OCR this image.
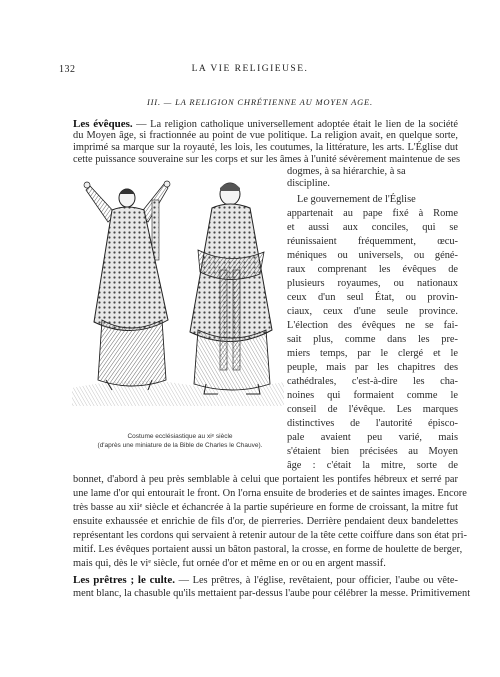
132	LA VIE RELIGIEUSE.
III. — LA RELIGION CHRÉTIENNE AU MOYEN AGE.
Les évêques. — La religion catholique universellement adoptée était le lien de la société
du Moyen âge, si fractionnée au point de vue politique. La religion avait, en quelque sorte,
imprimé sa marque sur la royauté, les lois, les coutumes, la littérature, les arts. L'Église dut
cette puissance souveraine sur les corps et sur les âmes à l'unité sévèrement maintenue de ses
dogmes, à sa hiérarchie, à sa
discipline.
Le gouvernement de l'Église
appartenait au pape fixé à Rome
et aussi aux conciles, qui se
réunissaient fréquemment, œcu-
méniques ou universels, ou géné-
raux comprenant les évêques de
plusieurs royaumes, ou nationaux
ceux d'un seul État, ou provin-
ciaux, ceux d'une seule province.
L'élection des évêques ne se fai-
sait plus, comme dans les pre-
miers temps, par le clergé et le
peuple, mais par les chapitres des
cathédrales, c'est-à-dire les cha-
noines qui formaient comme le
conseil de l'évêque. Les marques
distinctives de l'autorité épisco-
pale avaient peu varié, mais
s'étaient bien précisées au Moyen
âge : c'était la mitre, sorte de
bonnet, d'abord à peu près semblable à celui que portaient les pontifes hébreux et serré par
une lame d'or qui entourait le front. On l'orna ensuite de broderies et de saintes images. Encore
très basse au xiiᵉ siècle et échancrée à la partie supérieure en forme de croissant, la mitre fut
ensuite exhaussée et enrichie de fils d'or, de pierreries. Derrière pendaient deux bandelettes
représentant les cordons qui servaient à retenir autour de la tête cette coiffure dans son état pri-
mitif. Les évêques portaient aussi un bâton pastoral, la crosse, en forme de houlette de berger,
mais qui, dès le viᵉ siècle, fut ornée d'or et même en or ou en argent massif.
Les prêtres ; le culte. — Les prêtres, à l'église, revêtaient, pour officier, l'aube ou vête-
ment blanc, la chasuble qu'ils mettaient par-dessus l'aube pour célébrer la messe. Primitivement
Costume ecclésiastique au xiᵉ siècle
(d'après une miniature de la Bible de Charles le Chauve).
